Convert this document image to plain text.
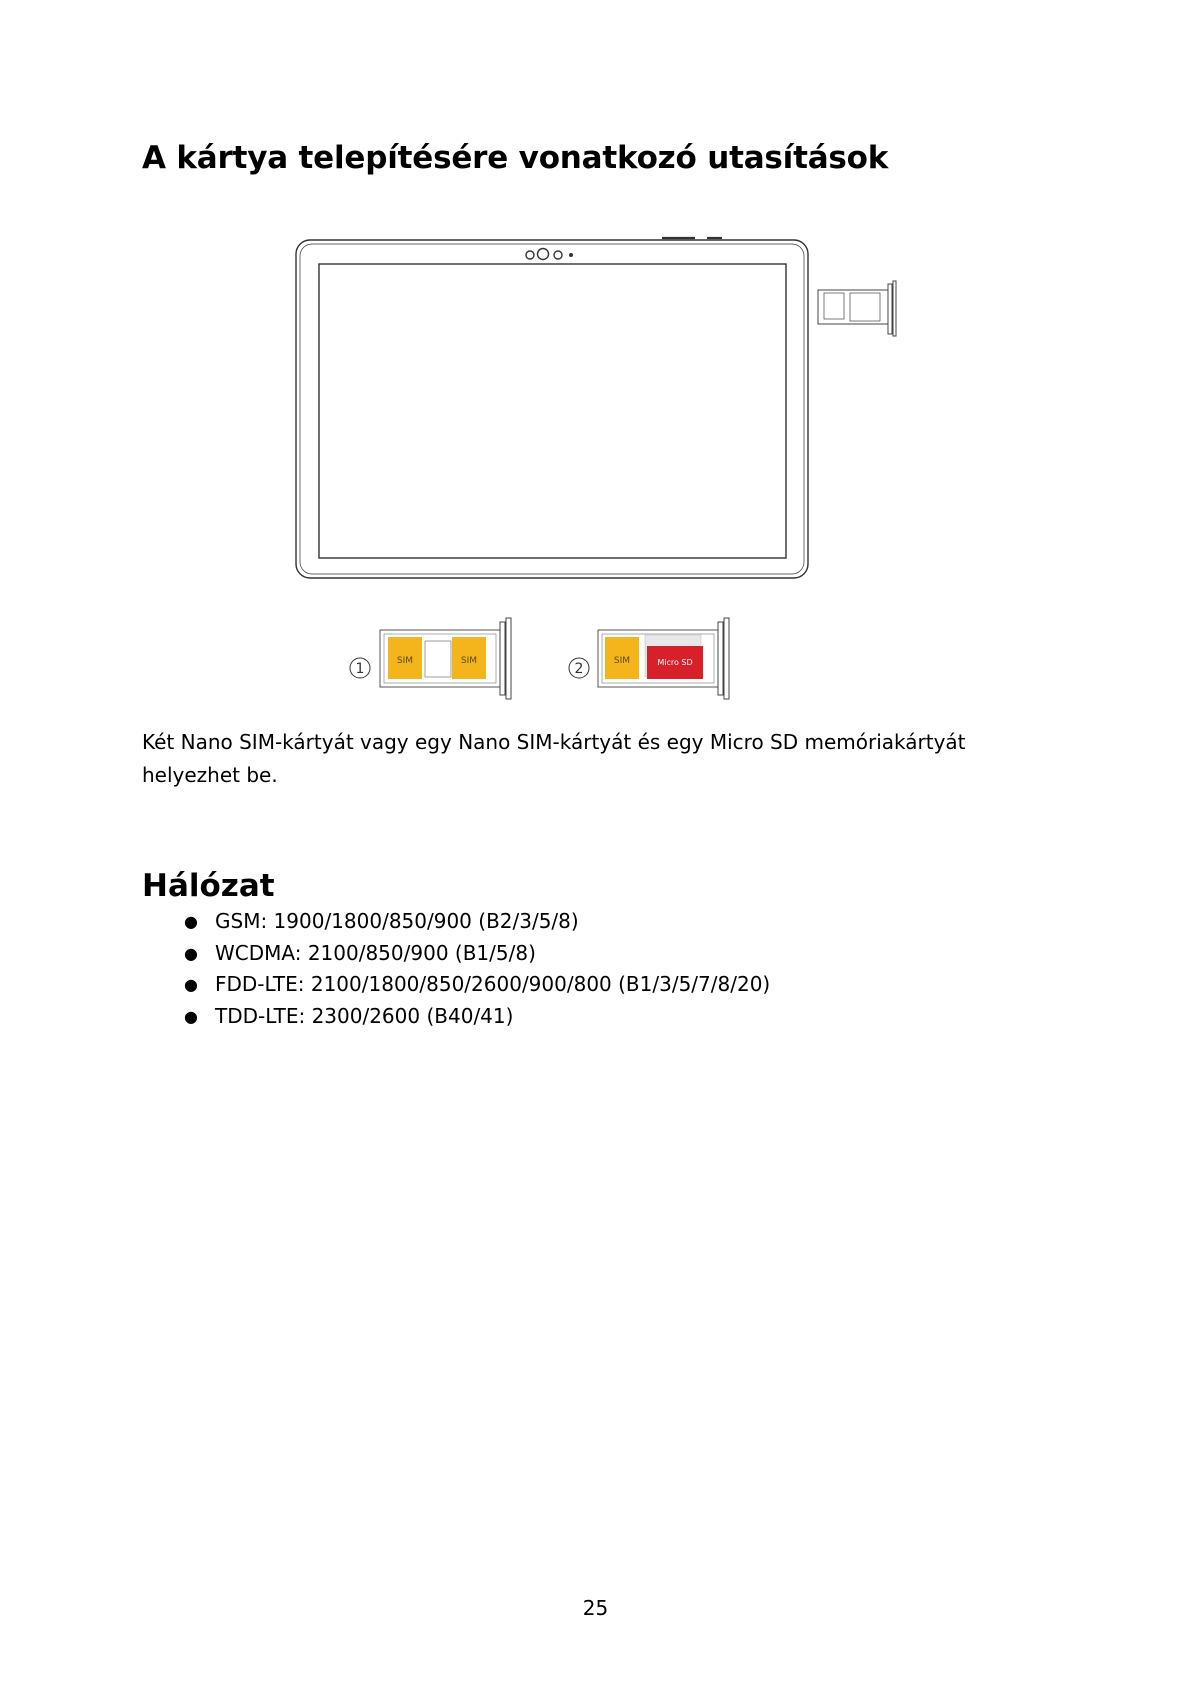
A kártya telepítésére vonatkozó utasítások
1	SIM	SIM	2	SIM	Micro SD

Két Nano SIM-kártyát vagy egy Nano SIM-kártyát és egy Micro SD memóriakártyát helyezhet be.

Hálózat
● GSM: 1900/1800/850/900 (B2/3/5/8)
● WCDMA: 2100/850/900 (B1/5/8)
● FDD-LTE: 2100/1800/850/2600/900/800 (B1/3/5/7/8/20)
● TDD-LTE: 2300/2600 (B40/41)
25
